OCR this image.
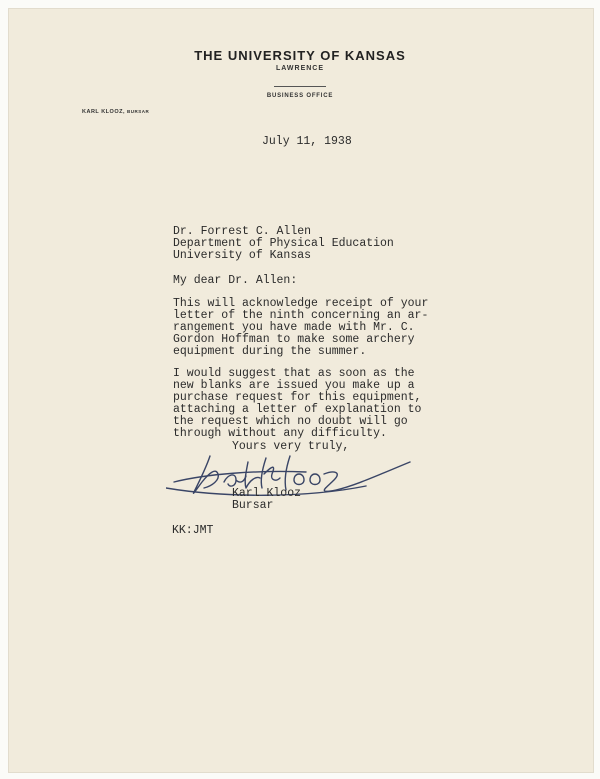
THE UNIVERSITY OF KANSAS
LAWRENCE
BUSINESS OFFICE
KARL KLOOZ, BURSAR
July 11, 1938
Dr. Forrest C. Allen
Department of Physical Education
University of Kansas
My dear Dr. Allen:
This will acknowledge receipt of your
letter of the ninth concerning an ar-
rangement you have made with Mr. C.
Gordon Hoffman to make some archery
equipment during the summer.
I would suggest that as soon as the
new blanks are issued you make up a
purchase request for this equipment,
attaching a letter of explanation to
the request which no doubt will go
through without any difficulty.
Yours very truly,
Karl Klooz
Bursar
KK:JMT
